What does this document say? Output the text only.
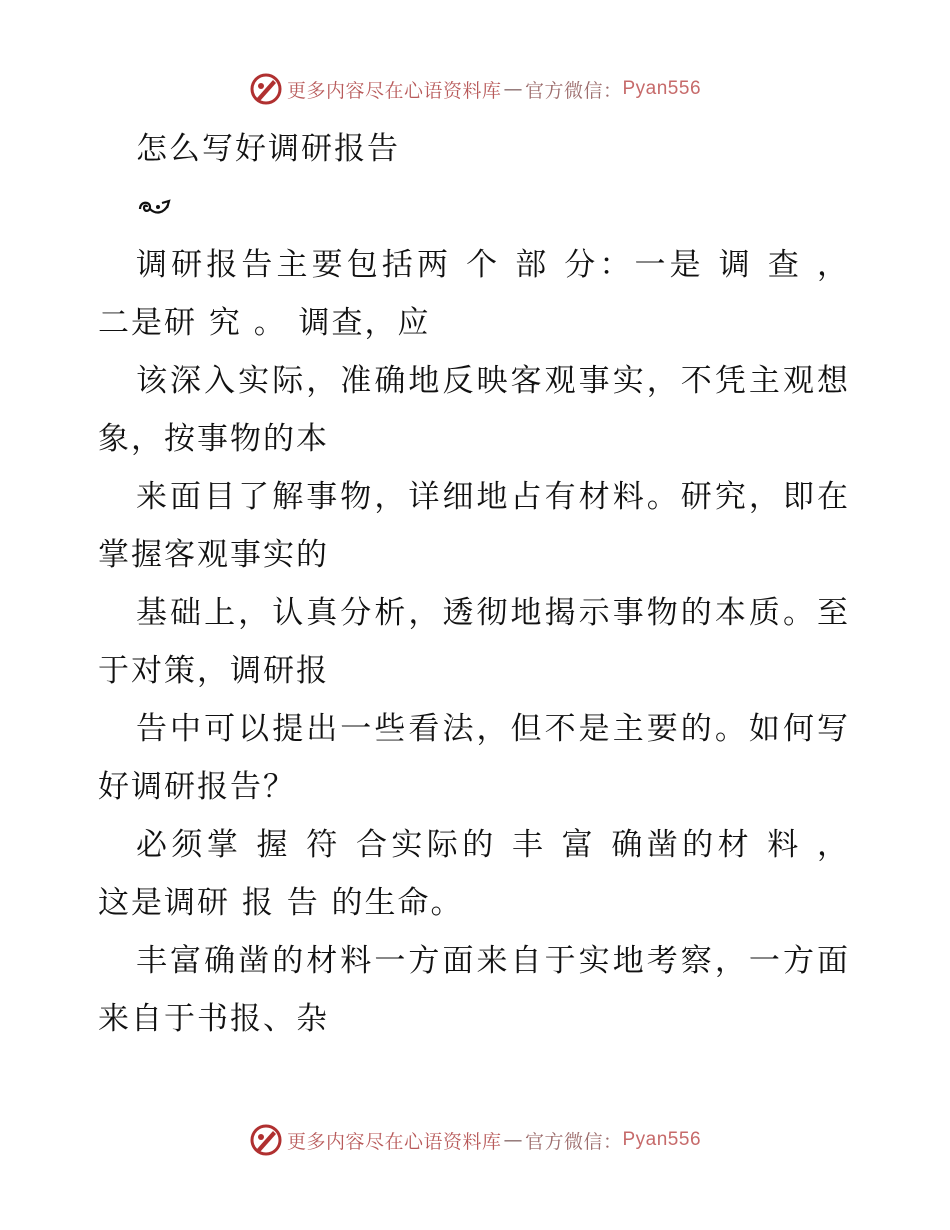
更多内容尽在心语资料库 — 官方微信： Pyan556
怎么写好调研报告

调研报告主要包括两 个 部 分：一是 调 查 ，
二是研 究 。 调查，应

该深入实际，准确地反映客观事实，不凭主观想
象，按事物的本

来面目了解事物，详细地占有材料。研究，即在
掌握客观事实的

基础上，认真分析，透彻地揭示事物的本质。至
于对策，调研报

告中可以提出一些看法，但不是主要的。如何写
好调研报告？

必须掌 握 符 合实际的 丰 富 确凿的材 料 ，
这是调研 报 告 的生命。

丰富确凿的材料一方面来自于实地考察，一方面
来自于书报、杂

更多内容尽在心语资料库 — 官方微信： Pyan556
